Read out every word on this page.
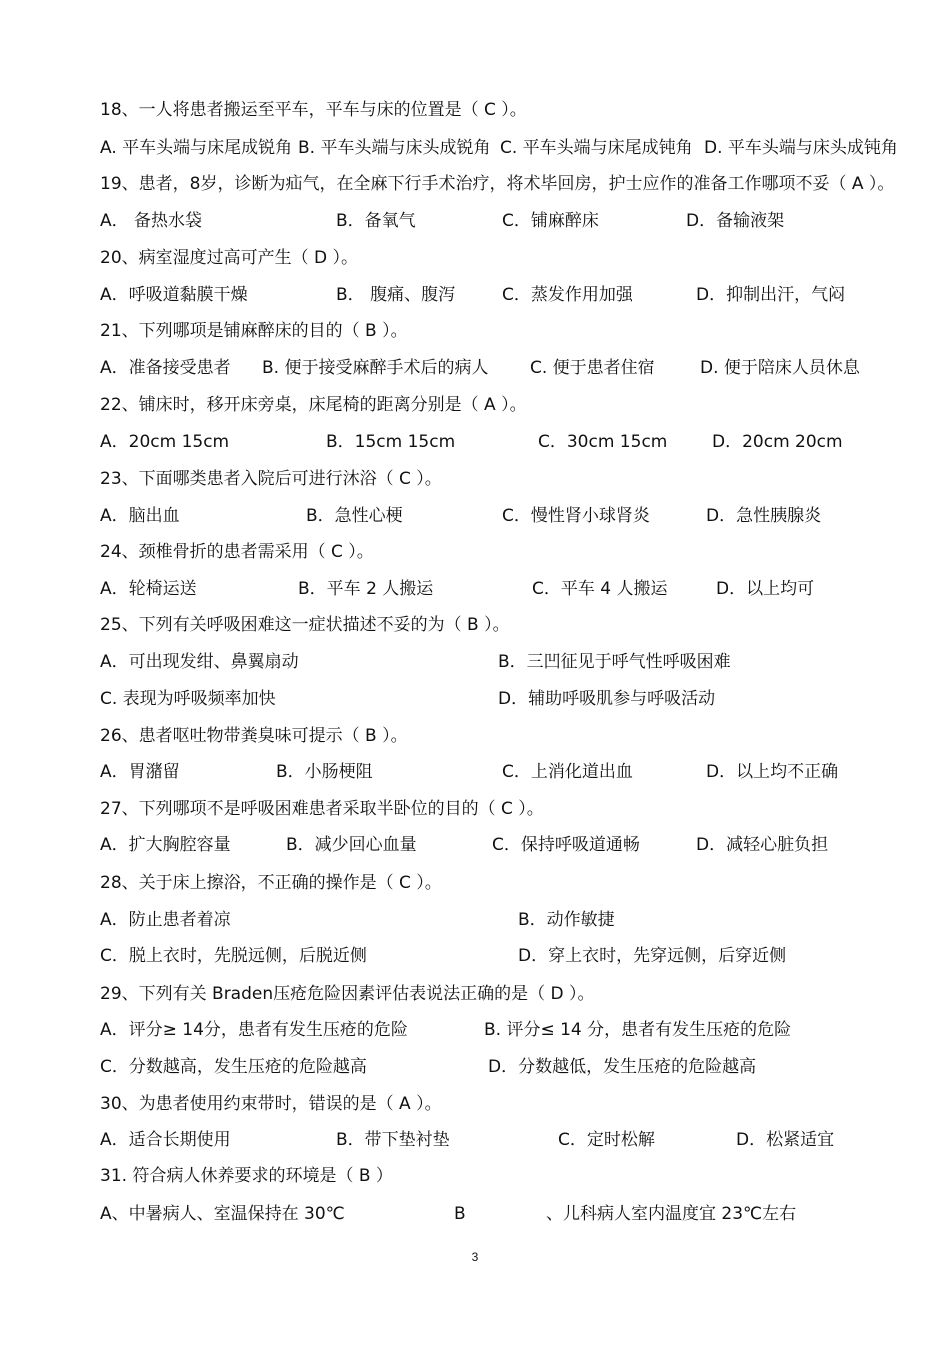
18、一人将患者搬运至平车，平车与床的位置是（ C ）。
A. 平车头端与床尾成锐角 B. 平车头端与床头成锐角 C. 平车头端与床尾成钝角 D. 平车头端与床头成钝角
19、患者，8岁，诊断为疝气，在全麻下行手术治疗，将术毕回房，护士应作的准备工作哪项不妥（ A ）。
A． 备热水袋	B．备氧气	C．铺麻醉床	D．备输液架
20、病室湿度过高可产生（ D ）。
A．呼吸道黏膜干燥	B． 腹痛、腹泻	C．蒸发作用加强	D．抑制出汗，气闷
21、下列哪项是铺麻醉床的目的（ B ）。
A．准备接受患者 B. 便于接受麻醉手术后的病人 C. 便于患者住宿	D. 便于陪床人员休息
22、铺床时，移开床旁桌，床尾椅的距离分别是（ A ）。
A．20cm 15cm	B．15cm 15cm	C．30cm 15cm	D．20cm 20cm
23、下面哪类患者入院后可进行沐浴（ C ）。
A．脑出血	B．急性心梗	C．慢性肾小球肾炎	D．急性胰腺炎
24、颈椎骨折的患者需采用（ C ）。
A．轮椅运送	B．平车 2 人搬运	C．平车 4 人搬运	D．以上均可
25、下列有关呼吸困难这一症状描述不妥的为（ B ）。
A．可出现发绀、鼻翼扇动	B．三凹征见于呼气性呼吸困难
C. 表现为呼吸频率加快	D．辅助呼吸肌参与呼吸活动
26、患者呕吐物带粪臭味可提示（ B ）。
A．胃潴留	B．小肠梗阻	C．上消化道出血	D．以上均不正确
27、下列哪项不是呼吸困难患者采取半卧位的目的（ C ）。
A．扩大胸腔容量	B．减少回心血量	C．保持呼吸道通畅	D．减轻心脏负担
28、关于床上擦浴，不正确的操作是（ C ）。
A．防止患者着凉	B．动作敏捷
C．脱上衣时，先脱远侧，后脱近侧	D．穿上衣时，先穿远侧，后穿近侧
29、下列有关 Braden压疮危险因素评估表说法正确的是（ D ）。
A．评分≥ 14分，患者有发生压疮的危险	B. 评分≤ 14 分，患者有发生压疮的危险
C．分数越高，发生压疮的危险越高	D．分数越低，发生压疮的危险越高
30、为患者使用约束带时，错误的是（ A ）。
A．适合长期使用	B．带下垫衬垫	C．定时松解	D．松紧适宜
31. 符合病人休养要求的环境是（ B ）
A、中暑病人、室温保持在 30℃	B	、儿科病人室内温度宜 23℃左右
3
